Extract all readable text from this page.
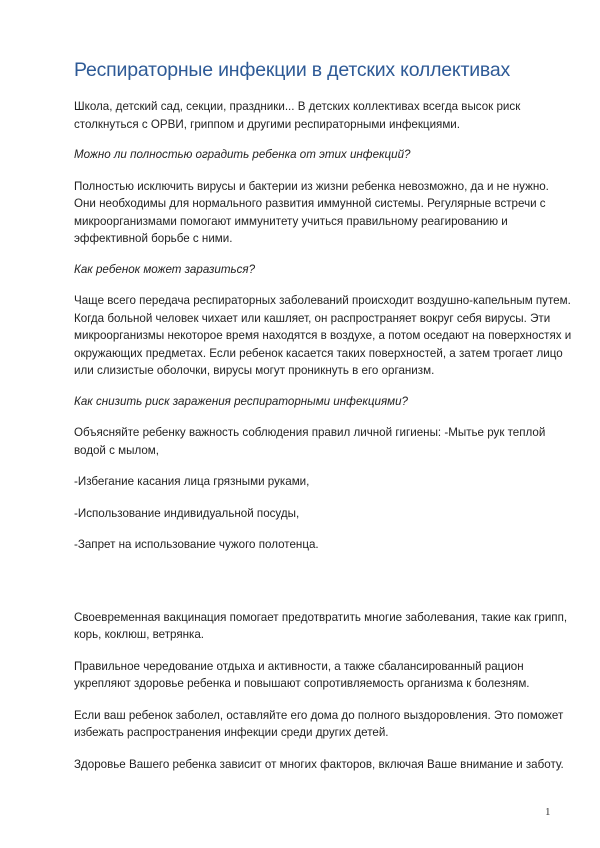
Респираторные инфекции в детских коллективах

Школа, детский сад, секции, праздники... В детских коллективах всегда высок риск столкнуться с ОРВИ, гриппом и другими респираторными инфекциями.

Можно ли полностью оградить ребенка от этих инфекций?

Полностью исключить вирусы и бактерии из жизни ребенка невозможно, да и не нужно. Они необходимы для нормального развития иммунной системы. Регулярные встречи с микроорганизмами помогают иммунитету учиться правильному реагированию и эффективной борьбе с ними.

Как ребенок может заразиться?

Чаще всего передача респираторных заболеваний происходит воздушно-капельным путем. Когда больной человек чихает или кашляет, он распространяет вокруг себя вирусы. Эти микроорганизмы некоторое время находятся в воздухе, а потом оседают на поверхностях и окружающих предметах. Если ребенок касается таких поверхностей, а затем трогает лицо или слизистые оболочки, вирусы могут проникнуть в его организм.

Как снизить риск заражения респираторными инфекциями?

Объясняйте ребенку важность соблюдения правил личной гигиены: -Мытье рук теплой водой с мылом,

-Избегание касания лица грязными руками,

-Использование индивидуальной посуды,

-Запрет на использование чужого полотенца.

Своевременная вакцинация помогает предотвратить многие заболевания, такие как грипп, корь, коклюш, ветрянка.

Правильное чередование отдыха и активности, а также сбалансированный рацион укрепляют здоровье ребенка и повышают сопротивляемость организма к болезням.

Если ваш ребенок заболел, оставляйте его дома до полного выздоровления. Это поможет избежать распространения инфекции среди других детей.

Здоровье Вашего ребенка зависит от многих факторов, включая Ваше внимание и заботу.

1
